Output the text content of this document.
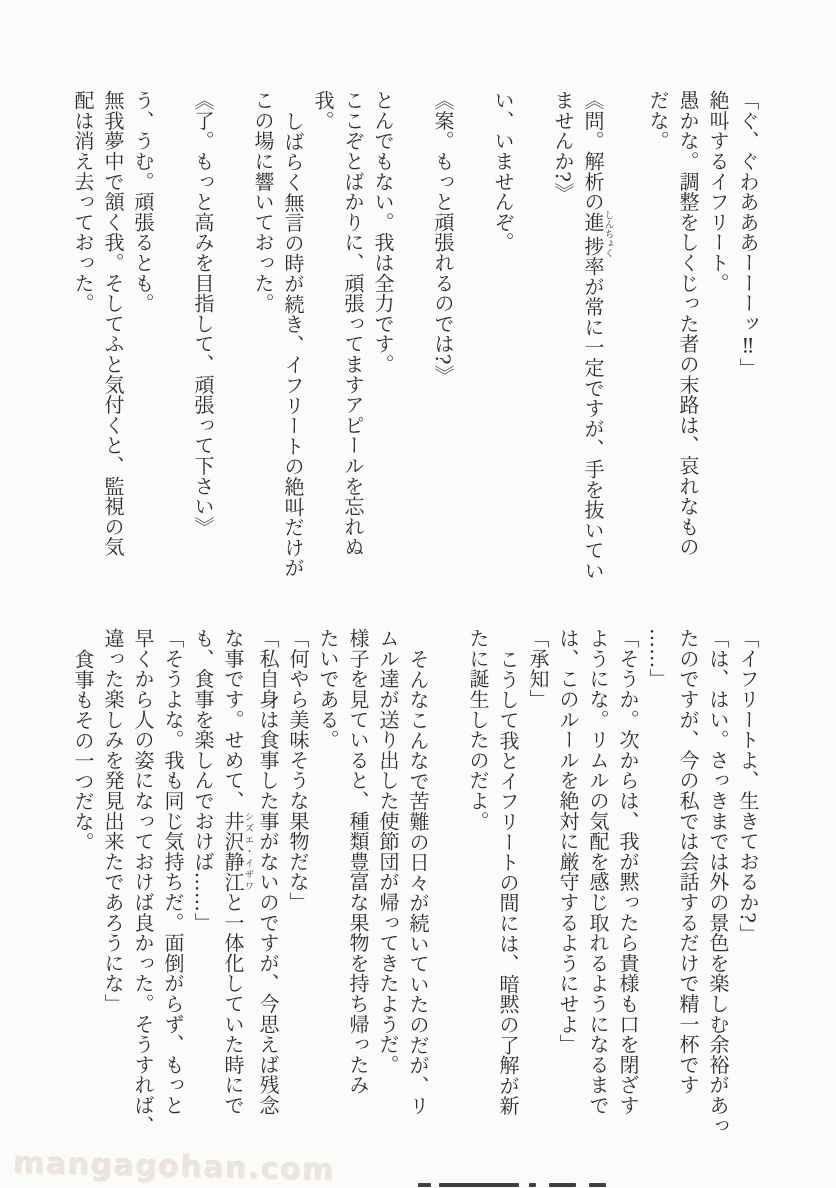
「ぐ、ぐわあああーーーッ‼」
絶叫するイフリート。
愚かな。調整をしくじった者の末路は、哀れなもの
だな。
《問。解析の進捗しんちょく率が常に一定ですが、手を抜いてい
ませんか?》
い、いませんぞ。
《案。もっと頑張れるのでは?》
とんでもない。我は全力です。
ここぞとばかりに、頑張ってますアピールを忘れぬ
我。
しばらく無言の時が続き、イフリートの絶叫だけが
この場に響いておった。
《了。もっと高みを目指して、頑張って下さい》
う、うむ。頑張るとも。
無我夢中で頷く我。そしてふと気付くと、監視の気
配は消え去っておった。
「イフリートよ、生きておるか?」
「は、はい。さっきまでは外の景色を楽しむ余裕があっ
たのですが、今の私では会話するだけで精一杯です
……」
「そうか。次からは、我が黙ったら貴様も口を閉ざす
ようにな。リムルの気配を感じ取れるようになるまで
は、このルールを絶対に厳守するようにせよ」
「承知」
こうして我とイフリートの間には、暗黙の了解が新
たに誕生したのだよ。
そんなこんなで苦難の日々が続いていたのだが、リ
ムル達が送り出した使節団が帰ってきたようだ。
様子を見ていると、種類豊富な果物を持ち帰ったみ
たいである。
「何やら美味そうな果物だな」
「私自身は食事した事がないのですが、今思えば残念
な事です。せめて、井沢静江シズエ・イザワと一体化していた時にで
も、食事を楽しんでおけば……」
「そうよな。我も同じ気持ちだ。面倒がらず、もっと
早くから人の姿になっておけば良かった。そうすれば、
違った楽しみを発見出来たであろうにな」
食事もその一つだな。
mangagohan.com
